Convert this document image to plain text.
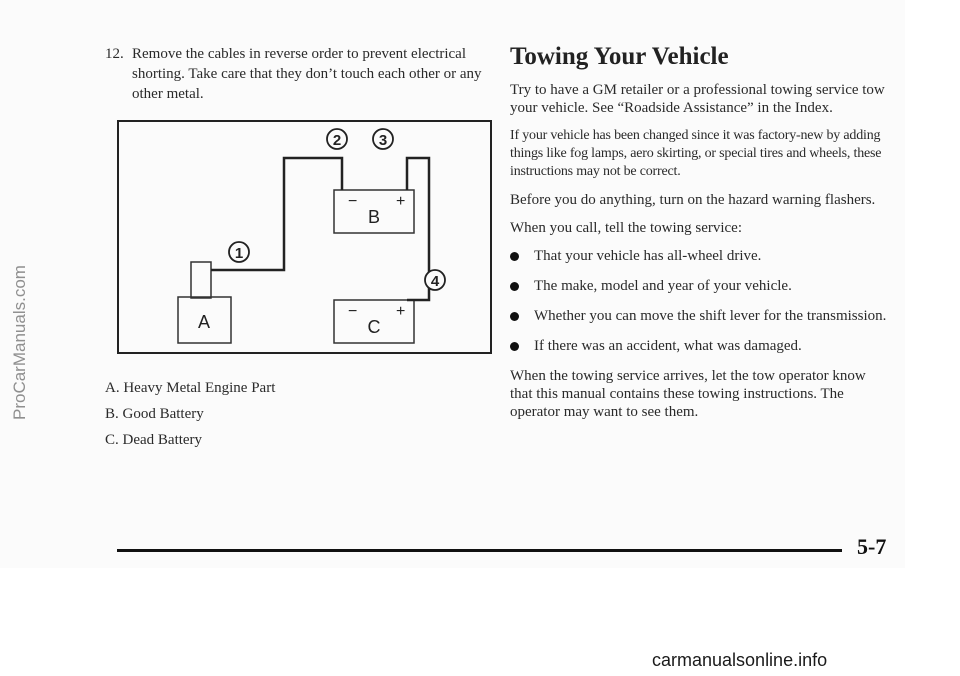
ProCarManuals.com
12. Remove the cables in reverse order to prevent electrical shorting. Take care that they don’t touch each other or any other metal.
A
− +
B
− +
C
2	3
1
4
A. Heavy Metal Engine Part
B. Good Battery
C. Dead Battery
Towing Your Vehicle

Try to have a GM retailer or a professional towing service tow your vehicle. See “Roadside Assistance” in the Index.

If your vehicle has been changed since it was factory-new by adding things like fog lamps, aero skirting, or special tires and wheels, these instructions may not be correct.

Before you do anything, turn on the hazard warning flashers.

When you call, tell the towing service:

That your vehicle has all-wheel drive.
The make, model and year of your vehicle.
Whether you can move the shift lever for the transmission.
If there was an accident, what was damaged.

When the towing service arrives, let the tow operator know that this manual contains these towing instructions. The operator may want to see them.

5-7
carmanualsonline.info
